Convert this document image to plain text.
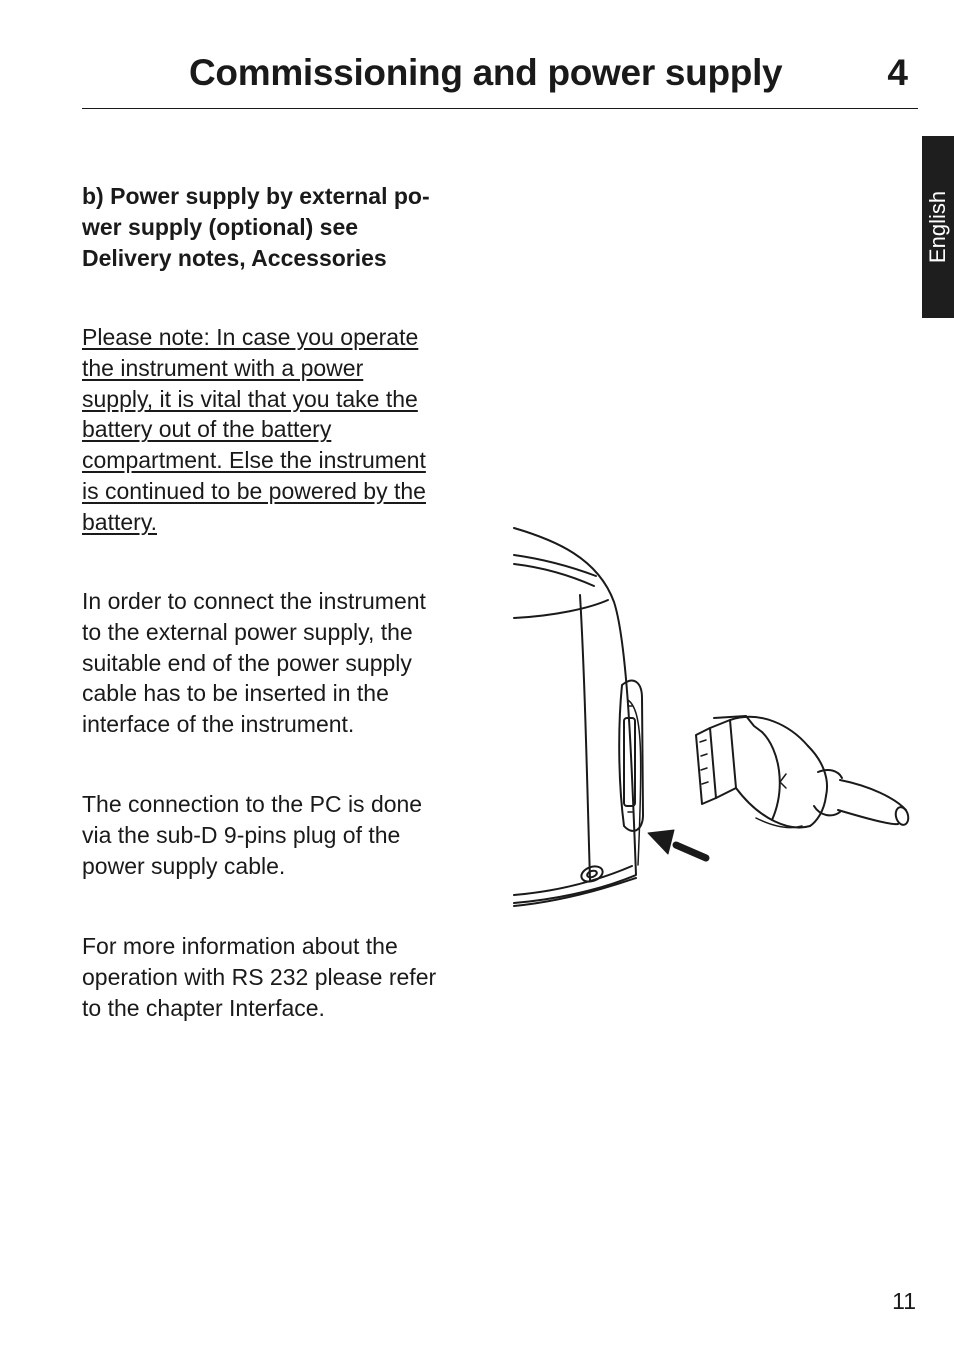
Commissioning and power supply	4
English
b) Power supply by external po-
wer supply (optional) see
Delivery notes, Accessories
Please note: In case you operate
the instrument with a power
supply, it is vital that you take the
battery out of the battery
compartment. Else the instrument
is continued to be powered by the
battery.
In order to connect the instrument
to the external power supply, the
suitable end of the power supply
cable has to be inserted in the
interface of the instrument.
The connection to the PC is done
via the sub-D 9-pins plug of the
power supply cable.
For more information about the
operation with RS 232 please refer
to the chapter Interface.
11
